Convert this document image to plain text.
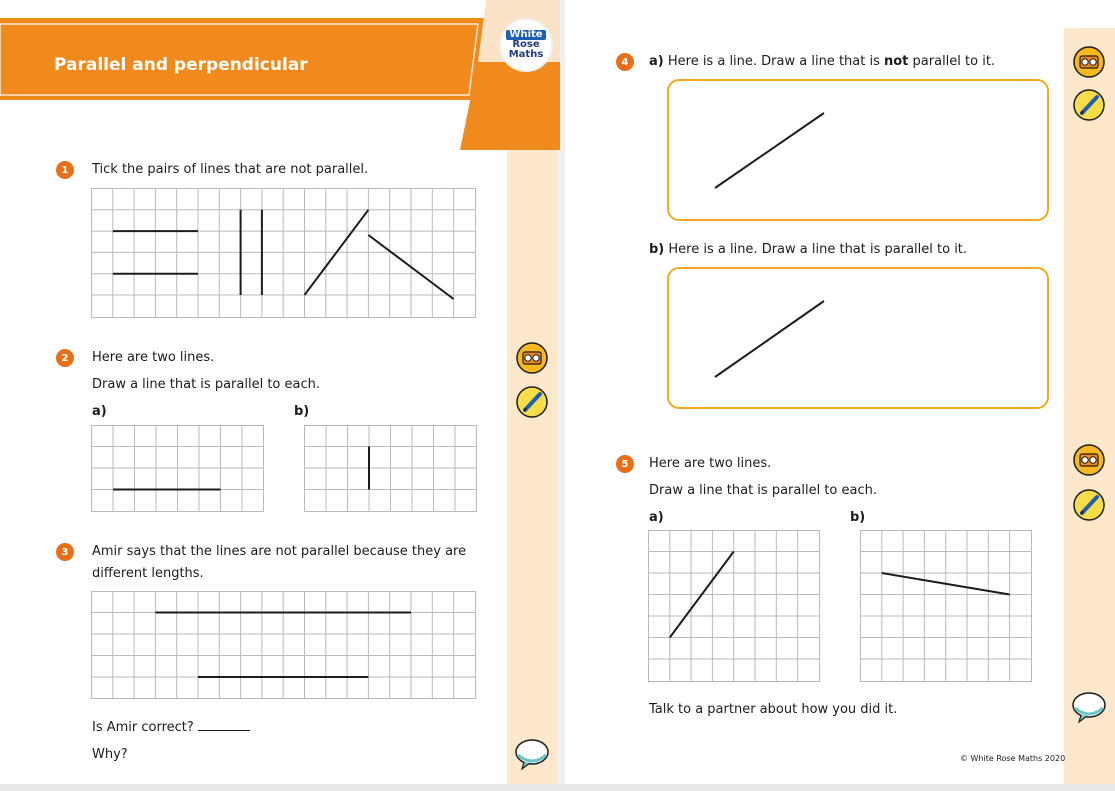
Parallel and perpendicular
White
Rose
Maths
1	Tick the pairs of lines that are not parallel.
2	Here are two lines.
Draw a line that is parallel to each.
a)	b)
3	Amir says that the lines are not parallel because they are
different lengths.
Is Amir correct?
Why?
4	a) Here is a line. Draw a line that is not parallel to it.
b) Here is a line. Draw a line that is parallel to it.
5	Here are two lines.
Draw a line that is parallel to each.
a)	b)
Talk to a partner about how you did it.
© White Rose Maths 2020
